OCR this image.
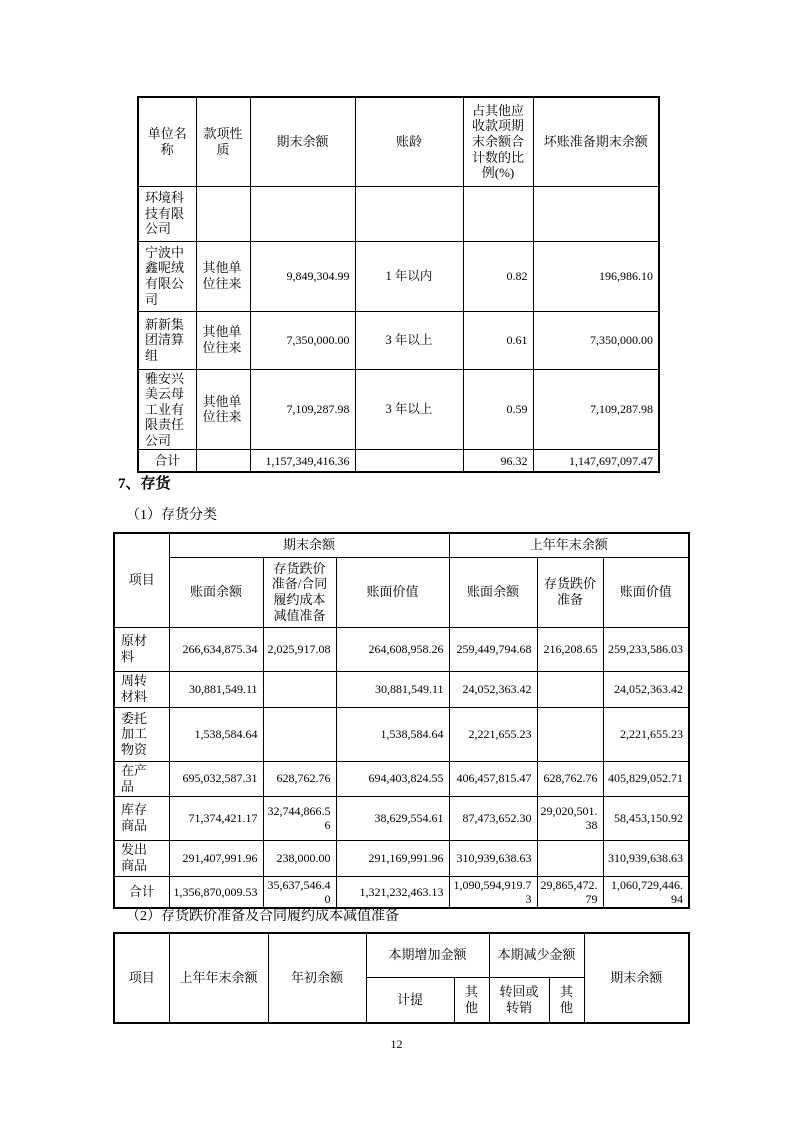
单位名称	款项性质	期末余额	账龄	占其他应收款项期末余额合计数的比例(%)	坏账准备期末余额
环境科技有限公司					
宁波中鑫呢绒有限公司	其他单位往来	9,849,304.99	1 年以内	0.82	196,986.10
新新集团清算组	其他单位往来	7,350,000.00	3 年以上	0.61	7,350,000.00
雅安兴美云母工业有限责任公司	其他单位往来	7,109,287.98	3 年以上	0.59	7,109,287.98
合计		1,157,349,416.36		96.32	1,147,697,097.47
7、存货
（1）存货分类
项目	期末余额			上年年末余额		
	账面余额	存货跌价准备/合同履约成本减值准备	账面价值	账面余额	存货跌价准备	账面价值
原材料	266,634,875.34	2,025,917.08	264,608,958.26	259,449,794.68	216,208.65	259,233,586.03
周转材料	30,881,549.11		30,881,549.11	24,052,363.42		24,052,363.42
委托加工物资	1,538,584.64		1,538,584.64	2,221,655.23		2,221,655.23
在产品	695,032,587.31	628,762.76	694,403,824.55	406,457,815.47	628,762.76	405,829,052.71
库存商品	71,374,421.17	32,744,866.56	38,629,554.61	87,473,652.30	29,020,501.38	58,453,150.92
发出商品	291,407,991.96	238,000.00	291,169,991.96	310,939,638.63		310,939,638.63
合计	1,356,870,009.53	35,637,546.40	1,321,232,463.13	1,090,594,919.73	29,865,472.79	1,060,729,446.94
（2）存货跌价准备及合同履约成本减值准备
项目	上年年末余额	年初余额	本期增加金额		本期减少金额		期末余额
			计提	其他	转回或转销	其他	
12
